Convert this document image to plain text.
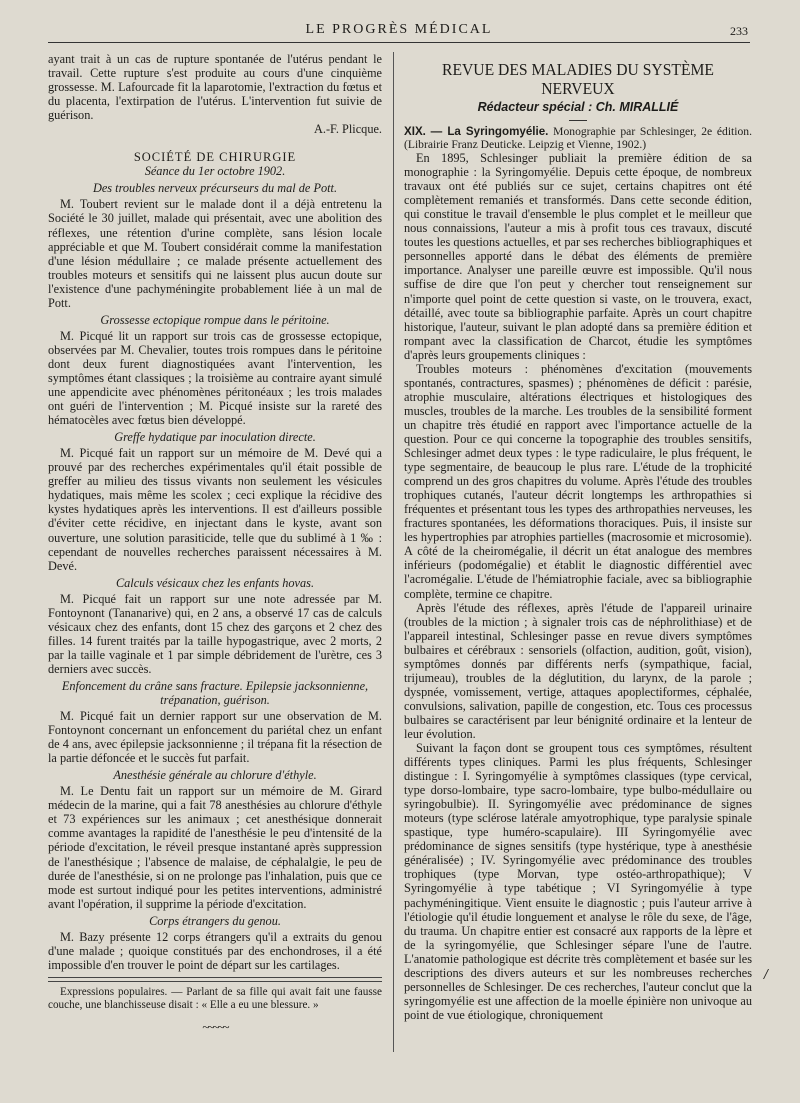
LE PROGRÈS MÉDICAL	233

ayant trait à un cas de rupture spontanée de l'utérus pendant le travail. Cette rupture s'est produite au cours d'une cinquième grossesse. M. Lafourcade fit la laparotomie, l'extraction du fœtus et du placenta, l'extirpation de l'utérus. L'intervention fut suivie de guérison.

A.-F. Plicque.

SOCIÉTÉ DE CHIRURGIE

Séance du 1er octobre 1902.

Des troubles nerveux précurseurs du mal de Pott.

M. Toubert revient sur le malade dont il a déjà entretenu la Société le 30 juillet, malade qui présentait, avec une abolition des réflexes, une rétention d'urine complète, sans lésion locale appréciable et que M. Toubert considérait comme la manifestation d'une lésion médullaire ; ce malade présente actuellement des troubles moteurs et sensitifs qui ne laissent plus aucun doute sur l'existence d'une pachyméningite probablement liée à un mal de Pott.

Grossesse ectopique rompue dans le péritoine.

M. Picqué lit un rapport sur trois cas de grossesse ectopique, observées par M. Chevalier, toutes trois rompues dans le péritoine dont deux furent diagnostiquées avant l'intervention, les symptômes étant classiques ; la troisième au contraire ayant simulé une appendicite avec phénomènes péritonéaux ; les trois malades ont guéri de l'intervention ; M. Picqué insiste sur la rareté des hématocèles avec fœtus bien développé.

Greffe hydatique par inoculation directe.

M. Picqué fait un rapport sur un mémoire de M. Devé qui a prouvé par des recherches expérimentales qu'il était possible de greffer au milieu des tissus vivants non seulement les vésicules hydatiques, mais même les scolex ; ceci explique la récidive des kystes hydatiques après les interventions. Il est d'ailleurs possible d'éviter cette récidive, en injectant dans le kyste, avant son ouverture, une solution parasiticide, telle que du sublimé à 1 ‰ : cependant de nouvelles recherches paraissent nécessaires à M. Devé.

Calculs vésicaux chez les enfants hovas.

M. Picqué fait un rapport sur une note adressée par M. Fontoynont (Tananarive) qui, en 2 ans, a observé 17 cas de calculs vésicaux chez des enfants, dont 15 chez des garçons et 2 chez des filles. 14 furent traités par la taille hypogastrique, avec 2 morts, 2 par la taille vaginale et 1 par simple débridement de l'urètre, ces 3 derniers avec succès.

Enfoncement du crâne sans fracture. Epilepsie jacksonnienne, trépanation, guérison.

M. Picqué fait un dernier rapport sur une observation de M. Fontoynont concernant un enfoncement du pariétal chez un enfant de 4 ans, avec épilepsie jacksonnienne ; il trépana fit la résection de la partie défoncée et le succès fut parfait.

Anesthésie générale au chlorure d'éthyle.

M. Le Dentu fait un rapport sur un mémoire de M. Girard médecin de la marine, qui a fait 78 anesthésies au chlorure d'éthyle et 73 expériences sur les animaux ; cet anesthésique donnerait comme avantages la rapidité de l'anesthésie le peu d'intensité de la période d'excitation, le réveil presque instantané après suppression de l'anesthésique ; l'absence de malaise, de céphalalgie, le peu de durée de l'anesthésie, si on ne prolonge pas l'inhalation, puis que ce mode est surtout indiqué pour les petites interventions, administré avant l'opération, il supprime la période d'excitation.

Corps étrangers du genou.

M. Bazy présente 12 corps étrangers qu'il a extraits du genou d'une malade ; quoique constitués par des enchondroses, il a été impossible d'en trouver le point de départ sur les cartilages.

Expressions populaires. — Parlant de sa fille qui avait fait une fausse couche, une blanchisseuse disait : « Elle a eu une blessure. »

~~~~~
REVUE DES MALADIES DU SYSTÈME NERVEUX
Rédacteur spécial : Ch. MIRALLIÉ

XIX. — La Syringomyélie. Monographie par Schlesinger, 2e édition. (Librairie Franz Deuticke. Leipzig et Vienne, 1902.)

En 1895, Schlesinger publiait la première édition de sa monographie : la Syringomyélie. Depuis cette époque, de nombreux travaux ont été publiés sur ce sujet, certains chapitres ont été complètement remaniés et transformés. Dans cette seconde édition, qui constitue le travail d'ensemble le plus complet et le meilleur que nous connaissions, l'auteur a mis à profit tous ces travaux, discuté toutes les questions actuelles, et par ses recherches bibliographiques et personnelles apporté dans le débat des éléments de première importance. Analyser une pareille œuvre est impossible. Qu'il nous suffise de dire que l'on peut y chercher tout renseignement sur n'importe quel point de cette question si vaste, on le trouvera, exact, détaillé, avec toute sa bibliographie parfaite. Après un court chapitre historique, l'auteur, suivant le plan adopté dans sa première édition et rompant avec la classification de Charcot, étudie les symptômes d'après leurs groupements cliniques :

Troubles moteurs : phénomènes d'excitation (mouvements spontanés, contractures, spasmes) ; phénomènes de déficit : parésie, atrophie musculaire, altérations électriques et histologiques des muscles, troubles de la marche. Les troubles de la sensibilité forment un chapitre très étudié en rapport avec l'importance actuelle de la question. Pour ce qui concerne la topographie des troubles sensitifs, Schlesinger admet deux types : le type radiculaire, le plus fréquent, le type segmentaire, de beaucoup le plus rare. L'étude de la trophicité comprend un des gros chapitres du volume. Après l'étude des troubles trophiques cutanés, l'auteur décrit longtemps les arthropathies si fréquentes et présentant tous les types des arthropathies nerveuses, les fractures spontanées, les déformations thoraciques. Puis, il insiste sur les hypertrophies par atrophies partielles (macrosomie et microsomie). A côté de la cheiromégalie, il décrit un état analogue des membres inférieurs (podomégalie) et établit le diagnostic différentiel avec l'acromégalie. L'étude de l'hémiatrophie faciale, avec sa bibliographie complète, termine ce chapitre.

Après l'étude des réflexes, après l'étude de l'appareil urinaire (troubles de la miction ; à signaler trois cas de néphrolithiase) et de l'appareil intestinal, Schlesinger passe en revue divers symptômes bulbaires et cérébraux : sensoriels (olfaction, audition, goût, vision), symptômes donnés par différents nerfs (sympathique, facial, trijumeau), troubles de la déglutition, du larynx, de la parole ; dyspnée, vomissement, vertige, attaques apoplectiformes, céphalée, convulsions, salivation, papille de congestion, etc. Tous ces processus bulbaires se caractérisent par leur bénignité ordinaire et la lenteur de leur évolution.

Suivant la façon dont se groupent tous ces symptômes, résultent différents types cliniques. Parmi les plus fréquents, Schlesinger distingue : I. Syringomyélie à symptômes classiques (type cervical, type dorso-lombaire, type sacro-lombaire, type bulbo-médullaire ou syringobulbie). II. Syringomyélie avec prédominance de signes moteurs (type sclérose latérale amyotrophique, type paralysie spinale spastique, type huméro-scapulaire). III Syringomyélie avec prédominance de signes sensitifs (type hystérique, type à anesthésie généralisée) ; IV. Syringomyélie avec prédominance des troubles trophiques (type Morvan, type ostéo-arthropathique); V Syringomyélie à type tabétique ; VI Syringomyélie à type pachyméningitique. Vient ensuite le diagnostic ; puis l'auteur arrive à l'étiologie qu'il étudie longuement et analyse le rôle du sexe, de l'âge, du trauma. Un chapitre entier est consacré aux rapports de la lèpre et de la syringomyélie, que Schlesinger sépare l'une de l'autre. L'anatomie pathologique est décrite très complètement et basée sur les descriptions des divers auteurs et sur les nombreuses recherches personnelles de Schlesinger. De ces recherches, l'auteur conclut que la syringomyélie est une affection de la moelle épinière non univoque au point de vue étiologique, chroniquement

/
